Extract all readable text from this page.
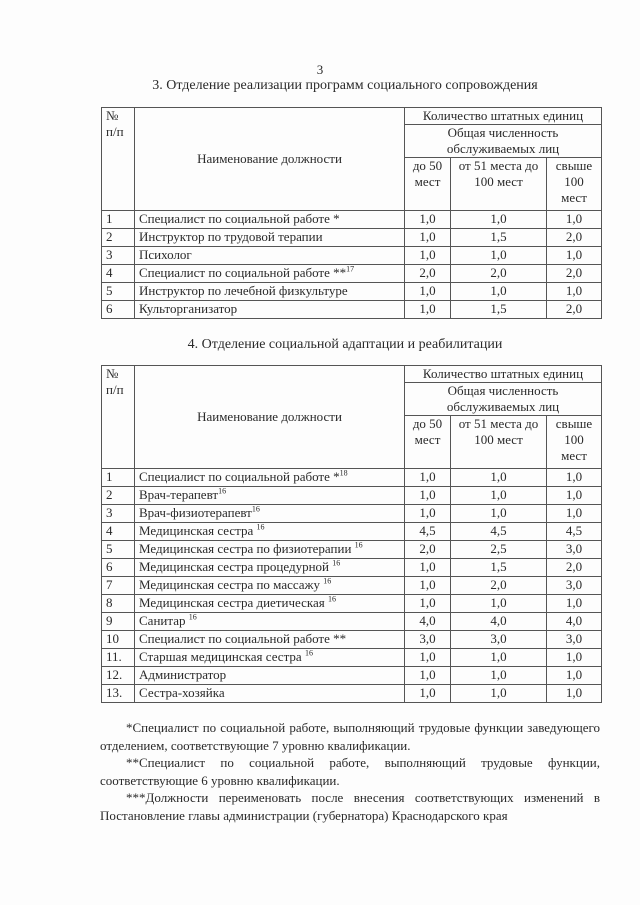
3
3. Отделение реализации программ социального сопровождения
№ п/п	Наименование должности	Количество штатных единиц		
		Общая численность обслуживаемых лиц		
		до 50 мест	от 51 места до 100 мест	свыше 100 мест
1	Специалист по социальной работе *	1,0	1,0	1,0
2	Инструктор по трудовой терапии	1,0	1,5	2,0
3	Психолог	1,0	1,0	1,0
4	Специалист по социальной работе **$^{17}$	2,0	2,0	2,0
5	Инструктор по лечебной физкультуре	1,0	1,0	1,0
6	Культорганизатор	1,0	1,5	2,0
4. Отделение социальной адаптации и реабилитации
№ п/п	Наименование должности	Количество штатных единиц		
		Общая численность обслуживаемых лиц		
		до 50 мест	от 51 места до 100 мест	свыше 100 мест
1	Специалист по социальной работе *$^{18}$	1,0	1,0	1,0
2	Врач-терапевт$^{16}$	1,0	1,0	1,0
3	Врач-физиотерапевт$^{16}$	1,0	1,0	1,0
4	Медицинская сестра $^{16}$	4,5	4,5	4,5
5	Медицинская сестра по физиотерапии $^{16}$	2,0	2,5	3,0
6	Медицинская сестра процедурной $^{16}$	1,0	1,5	2,0
7	Медицинская сестра по массажу $^{16}$	1,0	2,0	3,0
8	Медицинская сестра диетическая $^{16}$	1,0	1,0	1,0
9	Санитар $^{16}$	4,0	4,0	4,0
10	Специалист по социальной работе **	3,0	3,0	3,0
11.	Старшая медицинская сестра $^{16}$	1,0	1,0	1,0
12.	Администратор	1,0	1,0	1,0
13.	Сестра-хозяйка	1,0	1,0	1,0

*Специалист по социальной работе, выполняющий трудовые функции заведующего отделением, соответствующие 7 уровню квалификации.

**Специалист по социальной работе, выполняющий трудовые функции, соответствующие 6 уровню квалификации.

***Должности переименовать после внесения соответствующих изменений в Постановление главы администрации (губернатора) Краснодарского края
